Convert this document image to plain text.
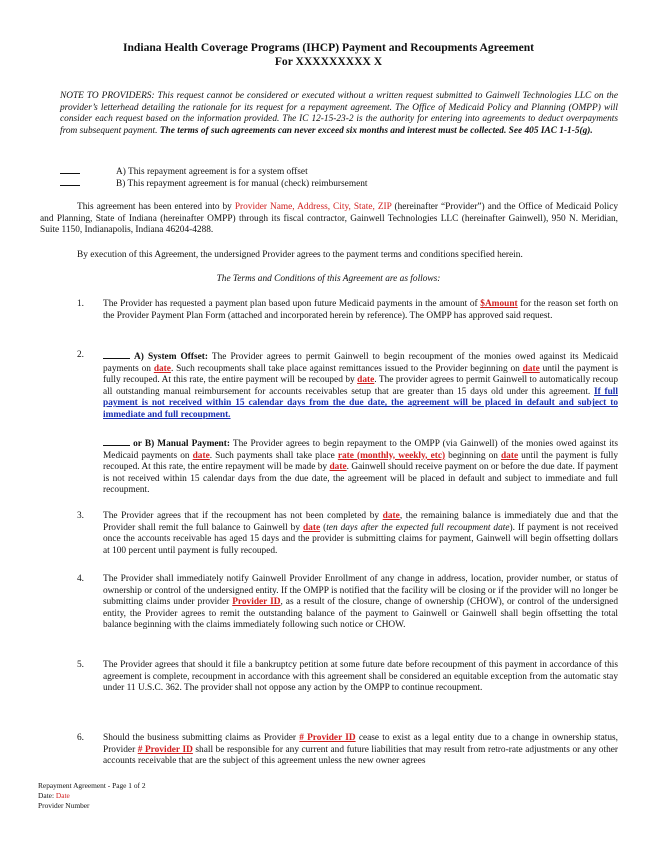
Indiana Health Coverage Programs (IHCP) Payment and Recoupments Agreement
For XXXXXXXXX X

NOTE TO PROVIDERS: This request cannot be considered or executed without a written request submitted to Gainwell Technologies LLC on the provider’s letterhead detailing the rationale for its request for a repayment agreement. The Office of Medicaid Policy and Planning (OMPP) will consider each request based on the information provided. The IC 12-15-23-2 is the authority for entering into agreements to deduct overpayments from subsequent payment. The terms of such agreements can never exceed six months and interest must be collected. See 405 IAC 1-1-5(g).

A) This repayment agreement is for a system offset
B) This repayment agreement is for manual (check) reimbursement

This agreement has been entered into by Provider Name, Address, City, State, ZIP (hereinafter “Provider”) and the Office of Medicaid Policy and Planning, State of Indiana (hereinafter OMPP) through its fiscal contractor, Gainwell Technologies LLC (hereinafter Gainwell), 950 N. Meridian, Suite 1150, Indianapolis, Indiana 46204-4288.

By execution of this Agreement, the undersigned Provider agrees to the payment terms and conditions specified herein.

The Terms and Conditions of this Agreement are as follows:

1. The Provider has requested a payment plan based upon future Medicaid payments in the amount of $Amount for the reason set forth on the Provider Payment Plan Form (attached and incorporated herein by reference). The OMPP has approved said request.

2.	A) System Offset: The Provider agrees to permit Gainwell to begin recoupment of the monies owed against its Medicaid payments on date. Such recoupments shall take place against remittances issued to the Provider beginning on date until the payment is fully recouped. At this rate, the entire payment will be recouped by date. The provider agrees to permit Gainwell to automatically recoup all outstanding manual reimbursement for accounts receivables setup that are greater than 15 days old under this agreement. If full payment is not received within 15 calendar days from the due date, the agreement will be placed in default and subject to immediate and full recoupment.

or B) Manual Payment: The Provider agrees to begin repayment to the OMPP (via Gainwell) of the monies owed against its Medicaid payments on date. Such payments shall take place rate (monthly, weekly, etc) beginning on date until the payment is fully recouped. At this rate, the entire repayment will be made by date. Gainwell should receive payment on or before the due date. If payment is not received within 15 calendar days from the due date, the agreement will be placed in default and subject to immediate and full recoupment.

3. The Provider agrees that if the recoupment has not been completed by date, the remaining balance is immediately due and that the Provider shall remit the full balance to Gainwell by date (ten days after the expected full recoupment date). If payment is not received once the accounts receivable has aged 15 days and the provider is submitting claims for payment, Gainwell will begin offsetting dollars at 100 percent until payment is fully recouped.

4. The Provider shall immediately notify Gainwell Provider Enrollment of any change in address, location, provider number, or status of ownership or control of the undersigned entity. If the OMPP is notified that the facility will be closing or if the provider will no longer be submitting claims under provider Provider ID, as a result of the closure, change of ownership (CHOW), or control of the undersigned entity, the Provider agrees to remit the outstanding balance of the payment to Gainwell or Gainwell shall begin offsetting the total balance beginning with the claims immediately following such notice or CHOW.

5. The Provider agrees that should it file a bankruptcy petition at some future date before recoupment of this payment in accordance of this agreement is complete, recoupment in accordance with this agreement shall be considered an equitable exception from the automatic stay under 11 U.S.C. 362. The provider shall not oppose any action by the OMPP to continue recoupment.

6. Should the business submitting claims as Provider # Provider ID cease to exist as a legal entity due to a change in ownership status, Provider # Provider ID shall be responsible for any current and future liabilities that may result from retro-rate adjustments or any other accounts receivable that are the subject of this agreement unless the new owner agrees

Repayment Agreement - Page 1 of 2
Date: Date
Provider Number
